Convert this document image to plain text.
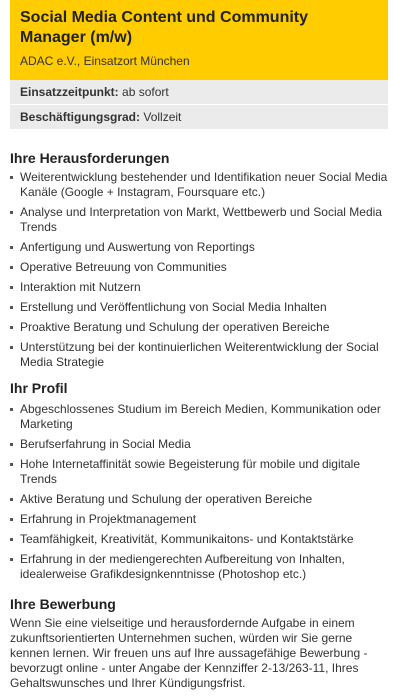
Social Media Content und Community Manager (m/w)
ADAC e.V., Einsatzort München
Einsatzzeitpunkt: ab sofort
Beschäftigungsgrad: Vollzeit
Ihre Herausforderungen
Weiterentwicklung bestehender und Identifikation neuer Social Media Kanäle (Google + Instagram, Foursquare etc.)
Analyse und Interpretation von Markt, Wettbewerb und Social Media Trends
Anfertigung und Auswertung von Reportings
Operative Betreuung von Communities
Interaktion mit Nutzern
Erstellung und Veröffentlichung von Social Media Inhalten
Proaktive Beratung und Schulung der operativen Bereiche
Unterstützung bei der kontinuierlichen Weiterentwicklung der Social Media Strategie
Ihr Profil
Abgeschlossenes Studium im Bereich Medien, Kommunikation oder Marketing
Berufserfahrung in Social Media
Hohe Internetaffinität sowie Begeisterung für mobile und digitale Trends
Aktive Beratung und Schulung der operativen Bereiche
Erfahrung in Projektmanagement
Teamfähigkeit, Kreativität, Kommunikaitons- und Kontaktstärke
Erfahrung in der mediengerechten Aufbereitung von Inhalten, idealerweise Grafikdesignkenntnisse (Photoshop etc.)
Ihre Bewerbung

Wenn Sie eine vielseitige und herausfordernde Aufgabe in einem zukunftsorientierten Unternehmen suchen, würden wir Sie gerne kennen lernen. Wir freuen uns auf Ihre aussagefähige Bewerbung - bevorzugt online - unter Angabe der Kennziffer 2-13/263-11, Ihres Gehaltswunsches und Ihrer Kündigungsfrist.
